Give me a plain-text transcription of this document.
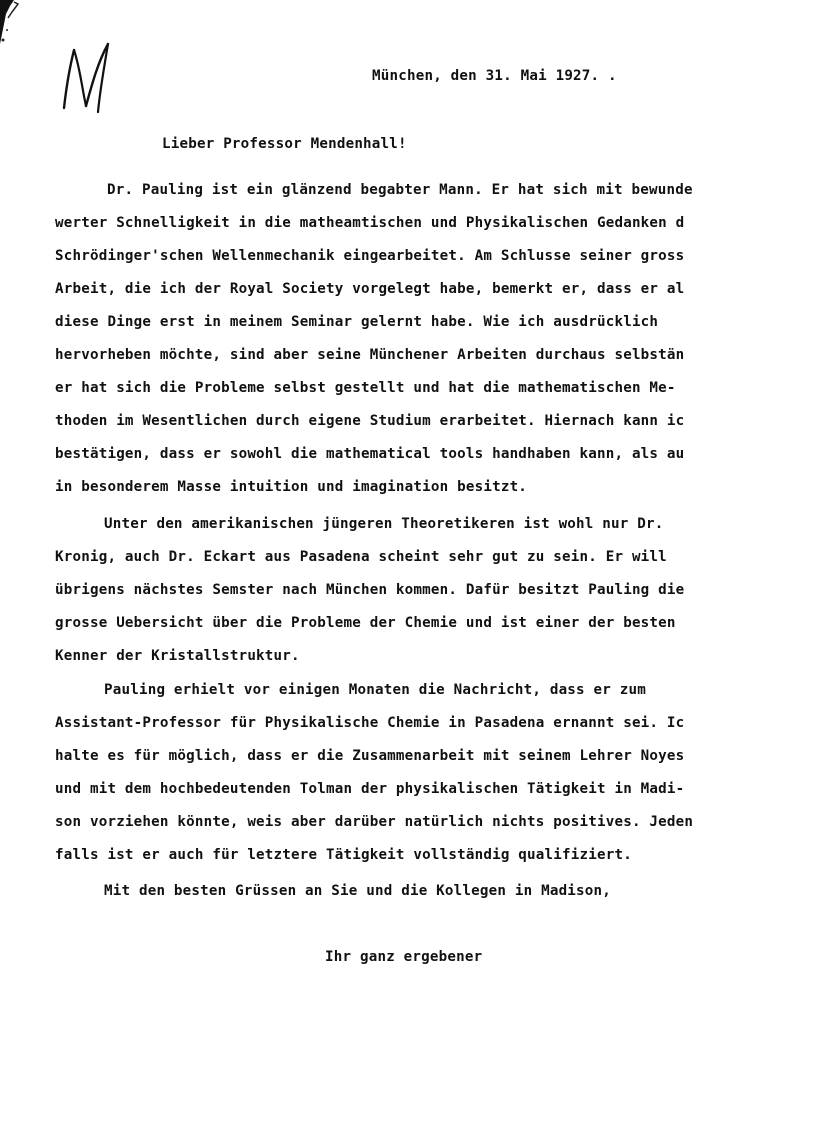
München, den 31. Mai 1927. .
Lieber Professor Mendenhall!
Dr. Pauling ist ein glänzend begabter Mann. Er hat sich mit bewunde
werter Schnelligkeit in die matheamtischen und Physikalischen Gedanken d
Schrödinger'schen Wellenmechanik eingearbeitet. Am Schlusse seiner gross
Arbeit, die ich der Royal Society vorgelegt habe, bemerkt er, dass er al
diese Dinge erst in meinem Seminar gelernt habe. Wie ich ausdrücklich
hervorheben möchte, sind aber seine Münchener Arbeiten durchaus selbstän
er hat sich die Probleme selbst gestellt und hat die mathematischen Me-
thoden im Wesentlichen durch eigene Studium erarbeitet. Hiernach kann ic
bestätigen, dass er sowohl die mathematical tools handhaben kann, als au
in besonderem Masse intuition und imagination besitzt.
Unter den amerikanischen jüngeren Theoretikeren ist wohl nur Dr.
Kronig, auch Dr. Eckart aus Pasadena scheint sehr gut zu sein. Er will
übrigens nächstes Semster nach München kommen. Dafür besitzt Pauling die
grosse Uebersicht über die Probleme der Chemie und ist einer der besten
Kenner der Kristallstruktur.
Pauling erhielt vor einigen Monaten die Nachricht, dass er zum
Assistant-Professor für Physikalische Chemie in Pasadena ernannt sei. Ic
halte es für möglich, dass er die Zusammenarbeit mit seinem Lehrer Noyes
und mit dem hochbedeutenden Tolman der physikalischen Tätigkeit in Madi-
son vorziehen könnte, weis aber darüber natürlich nichts positives. Jeden
falls ist er auch für letztere Tätigkeit vollständig qualifiziert.
Mit den besten Grüssen an Sie und die Kollegen in Madison,
Ihr ganz ergebener
